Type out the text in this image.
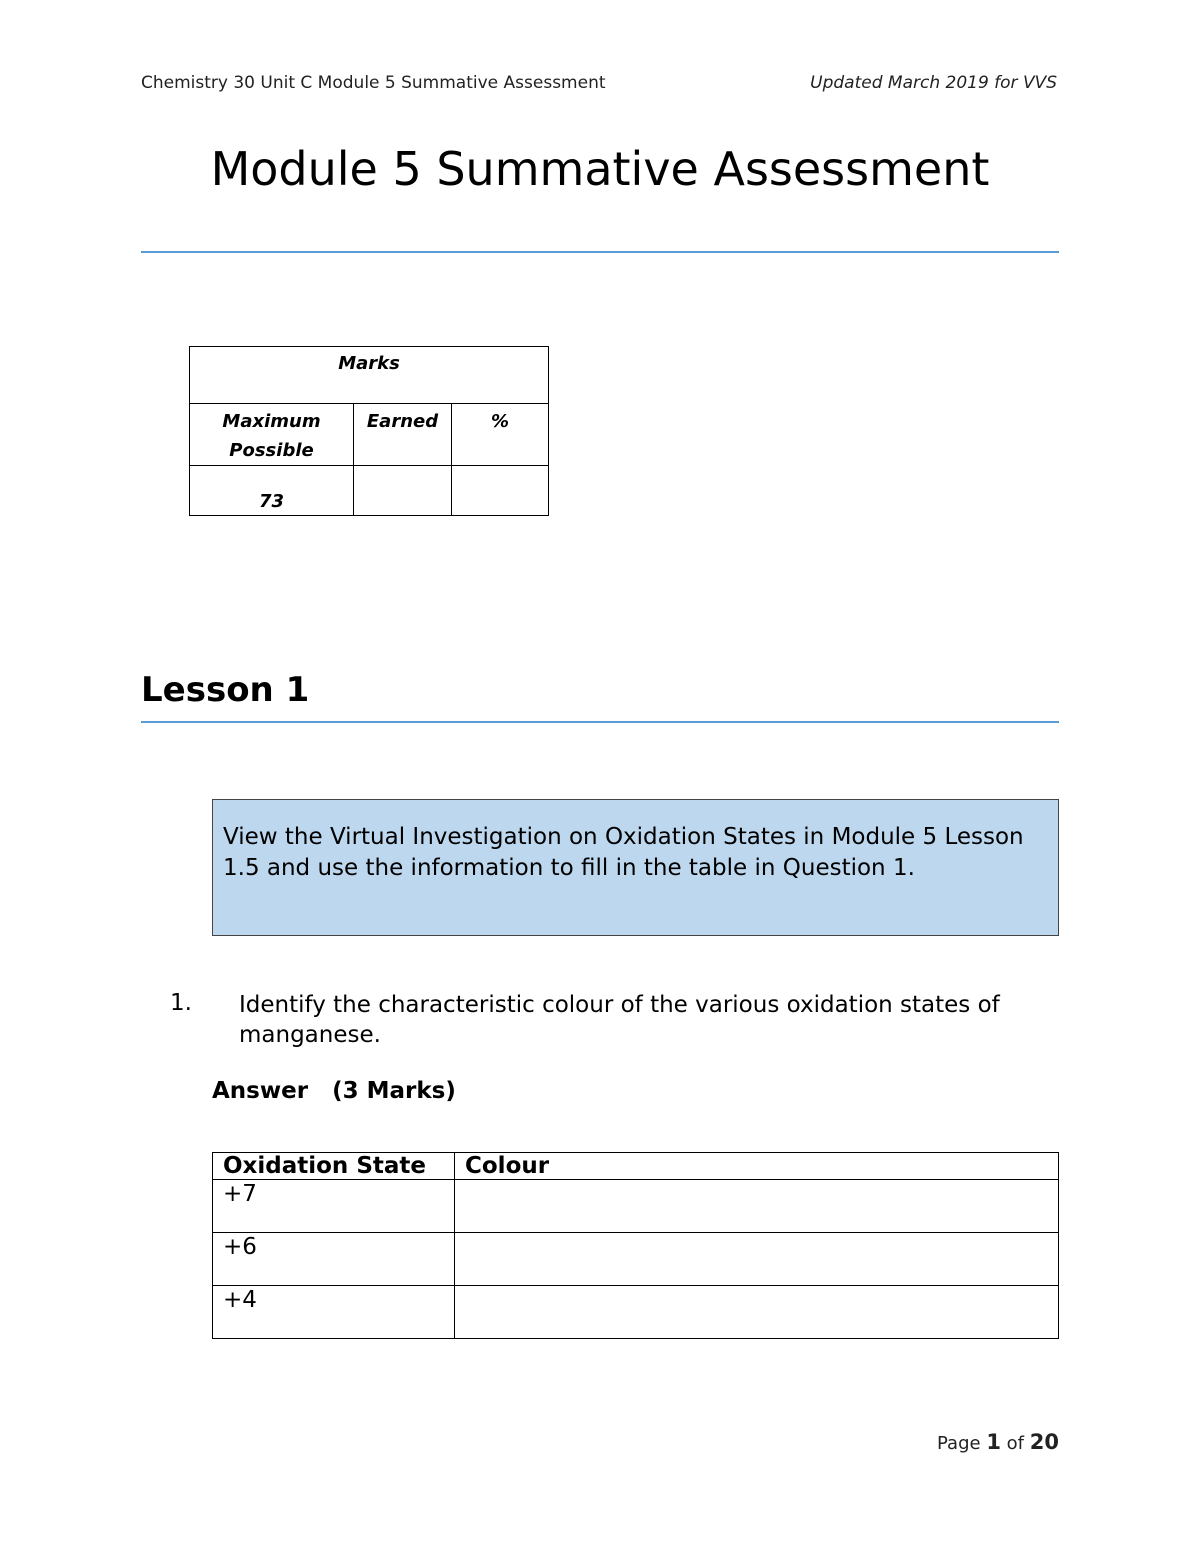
Chemistry 30 Unit C Module 5 Summative Assessment	Updated March 2019 for VVS
Module 5 Summative Assessment
Marks		
Maximum Possible	Earned	%
73		
Lesson 1
View the Virtual Investigation on Oxidation States in Module 5 Lesson 1.5 and use the information to fill in the table in Question 1.
1. Identify the characteristic colour of the various oxidation states of manganese.
Answer (3 Marks)
Oxidation State	Colour
+7	
+6	
+4	
Page 1 of 20
